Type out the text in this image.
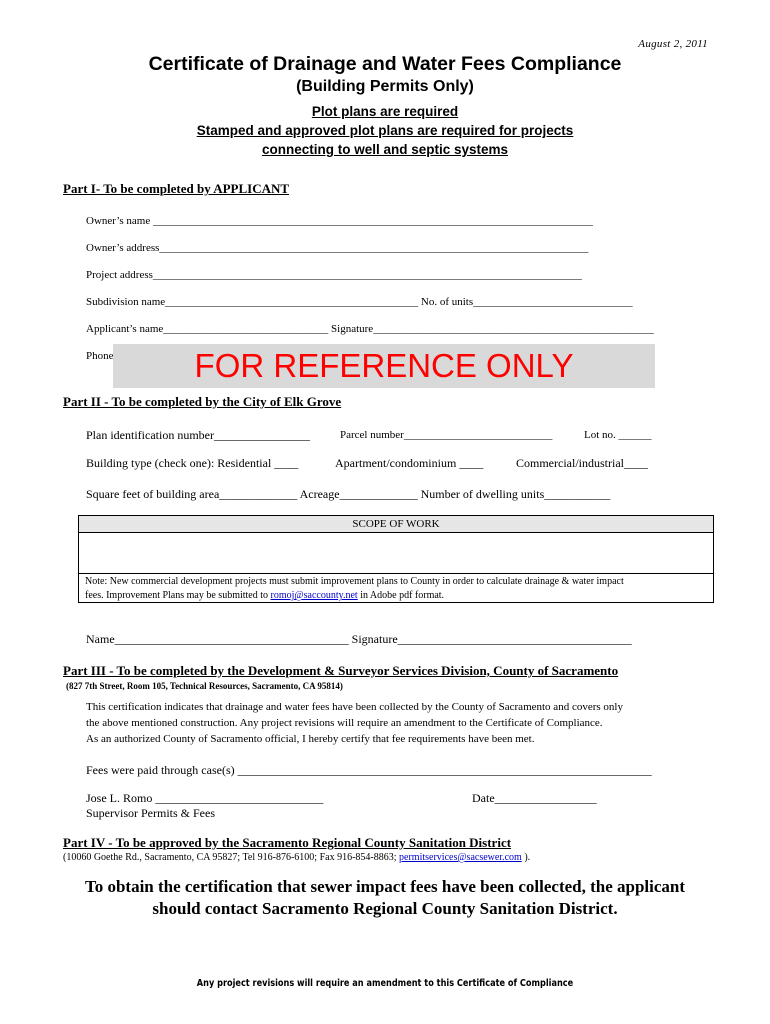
August 2, 2011
Certificate of Drainage and Water Fees Compliance
(Building Permits Only)
Plot plans are required
Stamped and approved plot plans are required for projects
connecting to well and septic systems
Part I- To be completed by APPLICANT
Owner’s name ________________________________________________________________________________
Owner’s address______________________________________________________________________________
Project address______________________________________________________________________________
Subdivision name______________________________________________ No. of units_____________________________
Applicant’s name______________________________ Signature___________________________________________________
Phone	FOR REFERENCE ONLY
Part II - To be completed by the City of Elk Grove
Plan identification number________________	Parcel number___________________________	Lot no. ______
Building type (check one): Residential ____	Apartment/condominium ____	Commercial/industrial____
Square feet of building area_____________ Acreage_____________ Number of dwelling units___________
SCOPE OF WORK
Note: New commercial development projects must submit improvement plans to County in order to calculate drainage & water impact
fees. Improvement Plans may be submitted to romoj@saccounty.net in Adobe pdf format.
Name_______________________________________ Signature_______________________________________
Part III - To be completed by the Development & Surveyor Services Division, County of Sacramento
(827 7th Street, Room 105, Technical Resources, Sacramento, CA 95814)
This certification indicates that drainage and water fees have been collected by the County of Sacramento and covers only
the above mentioned construction. Any project revisions will require an amendment to the Certificate of Compliance.
As an authorized County of Sacramento official, I hereby certify that fee requirements have been met.
Fees were paid through case(s) _____________________________________________________________________
Jose L. Romo ____________________________	Date_________________
Supervisor Permits & Fees
Part IV - To be approved by the Sacramento Regional County Sanitation District
(10060 Goethe Rd., Sacramento, CA 95827; Tel 916-876-6100; Fax 916-854-8863; permitservices@sacsewer.com ).
To obtain the certification that sewer impact fees have been collected, the applicant
should contact Sacramento Regional County Sanitation District.
Any project revisions will require an amendment to this Certificate of Compliance
